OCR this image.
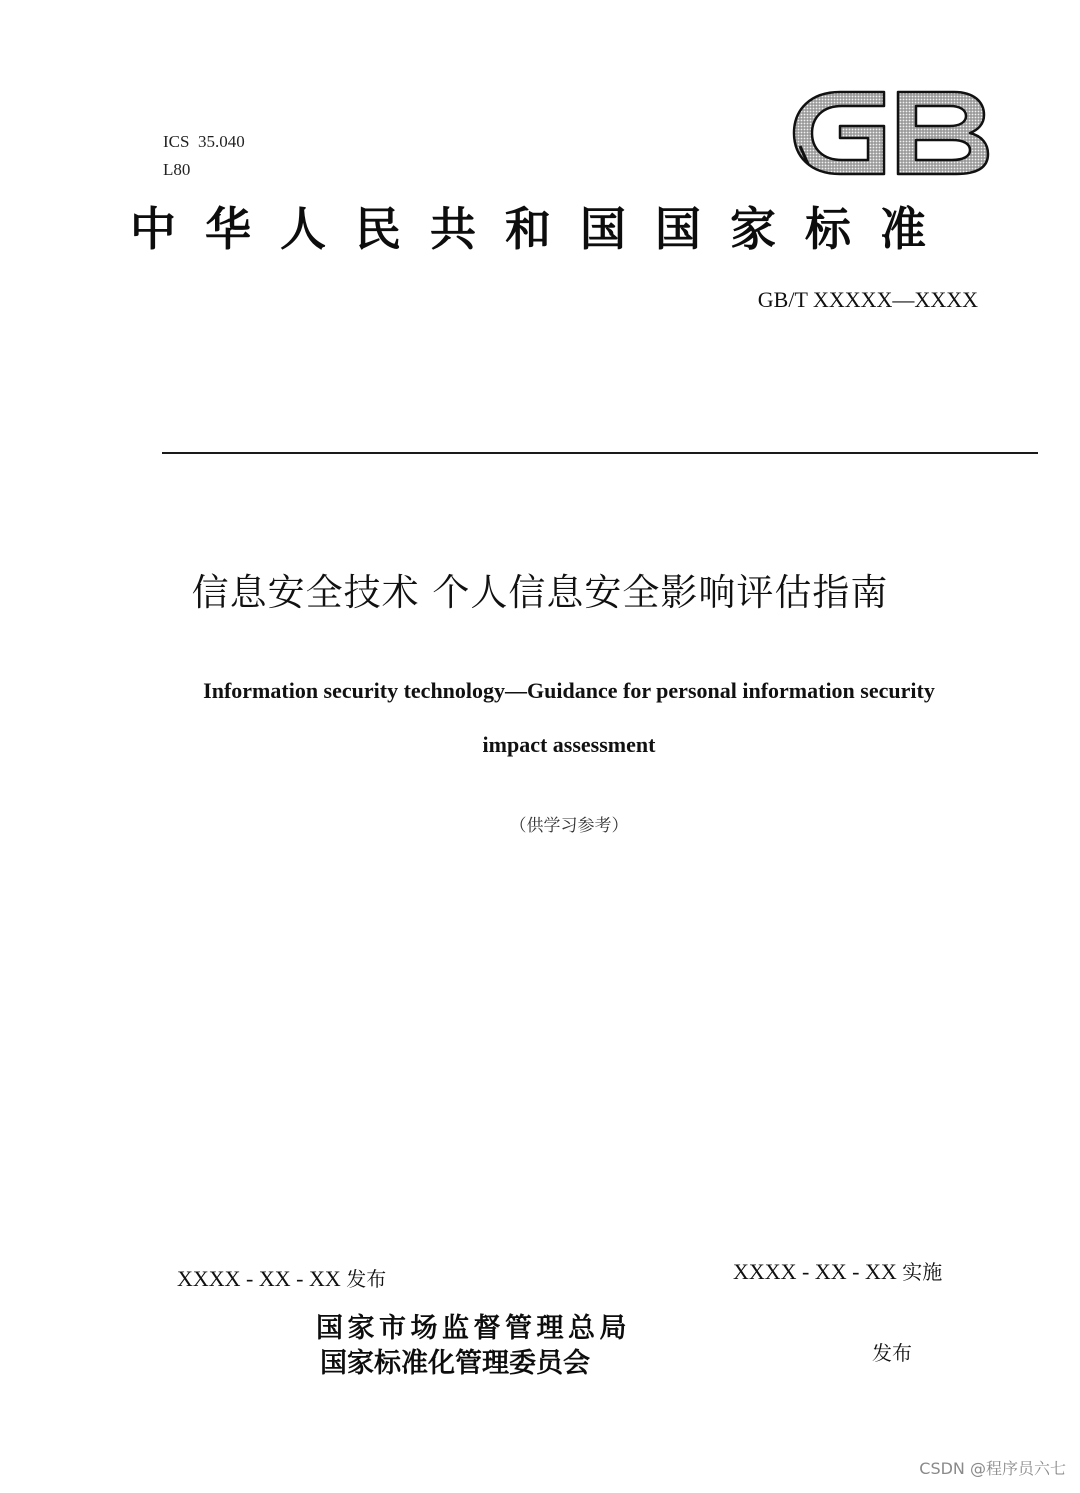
ICS  35.040
L80
中华人民共和国国家标准
GB/T XXXXX—XXXX
信息安全技术 个人信息安全影响评估指南
Information security technology—Guidance for personal information security
impact assessment
（供学习参考）
XXXX - XX - XX 发布	XXXX - XX - XX 实施
国家市场监督管理总局
国家标准化管理委员会	发布
CSDN @程序员六七
